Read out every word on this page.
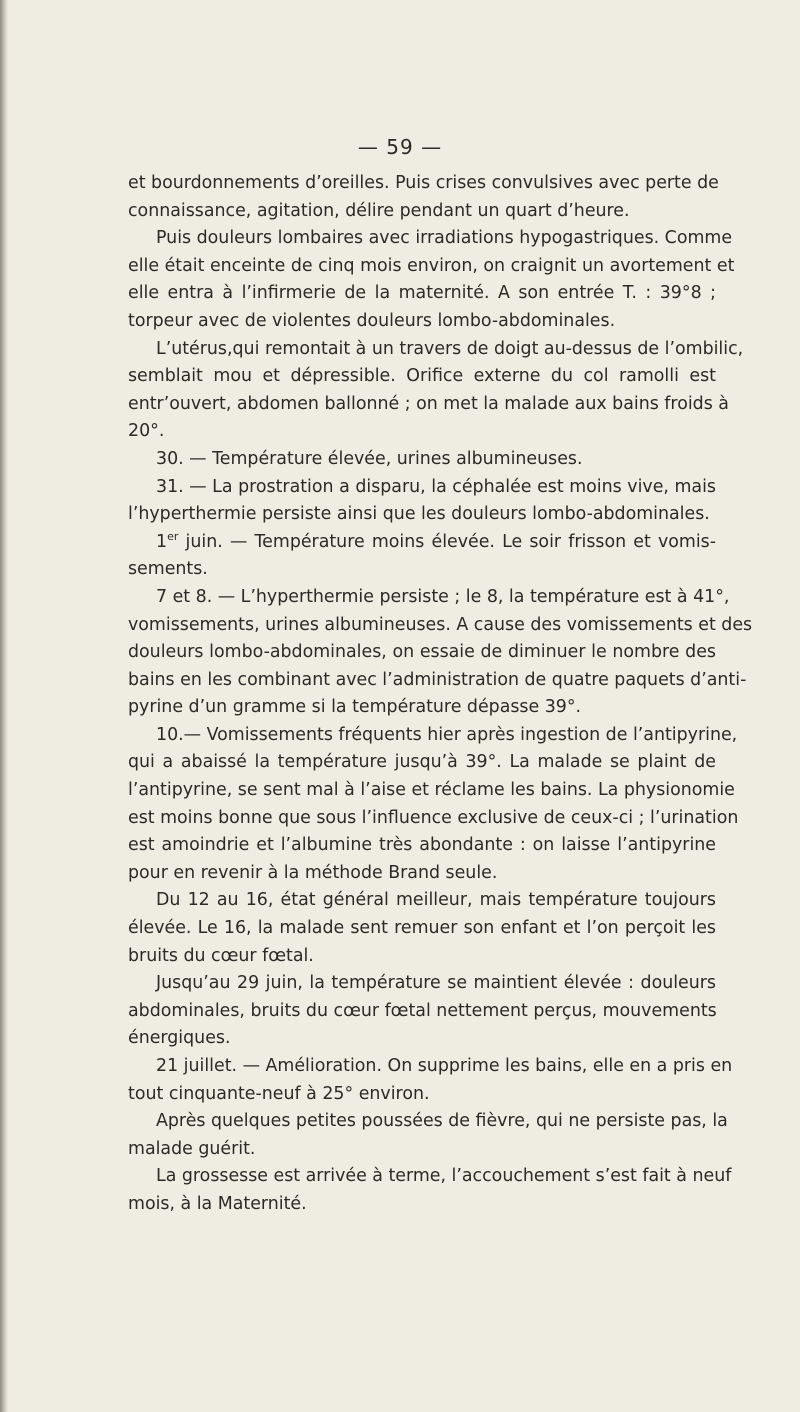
— 59 —
et bourdonnements d’oreilles. Puis crises convulsives avec perte de
connaissance, agitation, délire pendant un quart d’heure.
Puis douleurs lombaires avec irradiations hypogastriques. Comme
elle était enceinte de cinq mois environ, on craignit un avortement et
elle entra à l’infirmerie de la maternité. A son entrée T. : 39°8 ;
torpeur avec de violentes douleurs lombo-abdominales.
L’utérus,qui remontait à un travers de doigt au-dessus de l’ombilic,
semblait mou et dépressible. Orifice externe du col ramolli est
entr’ouvert, abdomen ballonné ; on met la malade aux bains froids à
20°.
30. — Température élevée, urines albumineuses.
31. — La prostration a disparu, la céphalée est moins vive, mais
l’hyperthermie persiste ainsi que les douleurs lombo-abdominales.
1er juin. — Température moins élevée. Le soir frisson et vomis-
sements.
7 et 8. — L’hyperthermie persiste ; le 8, la température est à 41°,
vomissements, urines albumineuses. A cause des vomissements et des
douleurs lombo-abdominales, on essaie de diminuer le nombre des
bains en les combinant avec l’administration de quatre paquets d’anti-
pyrine d’un gramme si la température dépasse 39°.
10.— Vomissements fréquents hier après ingestion de l’antipyrine,
qui a abaissé la température jusqu’à 39°. La malade se plaint de
l’antipyrine, se sent mal à l’aise et réclame les bains. La physionomie
est moins bonne que sous l’influence exclusive de ceux-ci ; l’urination
est amoindrie et l’albumine très abondante : on laisse l’antipyrine
pour en revenir à la méthode Brand seule.
Du 12 au 16, état général meilleur, mais température toujours
élevée. Le 16, la malade sent remuer son enfant et l’on perçoit les
bruits du cœur fœtal.
Jusqu’au 29 juin, la température se maintient élevée : douleurs
abdominales, bruits du cœur fœtal nettement perçus, mouvements
énergiques.
21 juillet. — Amélioration. On supprime les bains, elle en a pris en
tout cinquante-neuf à 25° environ.
Après quelques petites poussées de fièvre, qui ne persiste pas, la
malade guérit.
La grossesse est arrivée à terme, l’accouchement s’est fait à neuf
mois, à la Maternité.
